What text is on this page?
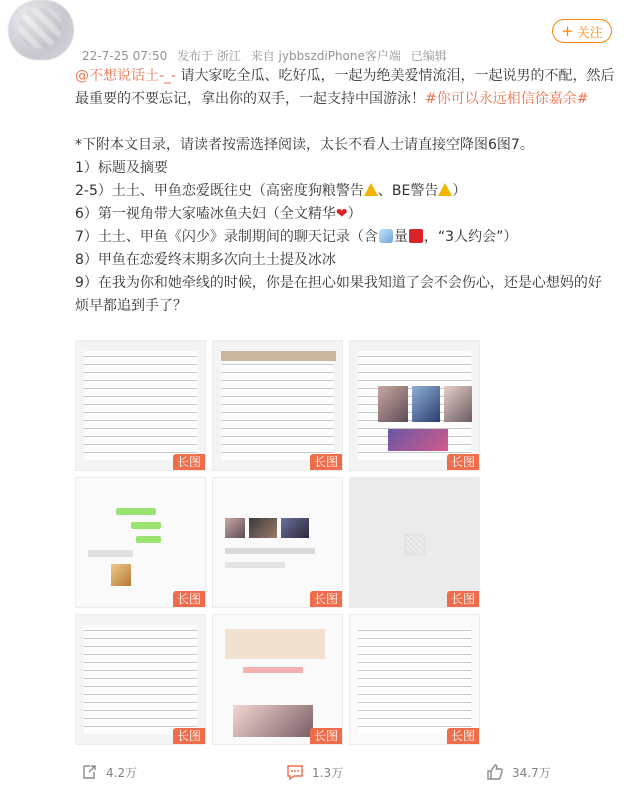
22-7-25 07:50 发布于 浙江 来自 jybbszdiPhone客户端 已编辑
+ 关注

@不想说话土-_- 请大家吃全瓜、吃好瓜，一起为绝美爱情流泪，一起说男的不配，然后最重要的不要忘记，拿出你的双手，一起支持中国游泳！#你可以永远相信徐嘉余#

*下附本文目录，请读者按需选择阅读，太长不看人士请直接空降图6图7。

1）标题及摘要

2-5）土土、甲鱼恋爱既往史（高密度狗粮警告 、BE警告 ）

6）第一视角带大家嗑冰鱼夫妇（全文精华❤）

7）土土、甲鱼《闪少》录制期间的聊天记录（含 量 ，“3人约会”）

8）甲鱼在恋爱终末期多次向土土提及冰冰

9）在我为你和她牵线的时候，你是在担心如果我知道了会不会伤心，还是心想妈的好烦早都追到手了？

长图	长图	长图
长图	长图
▧
长图
长图	长图	长图
4.2万	1.3万	34.7万
